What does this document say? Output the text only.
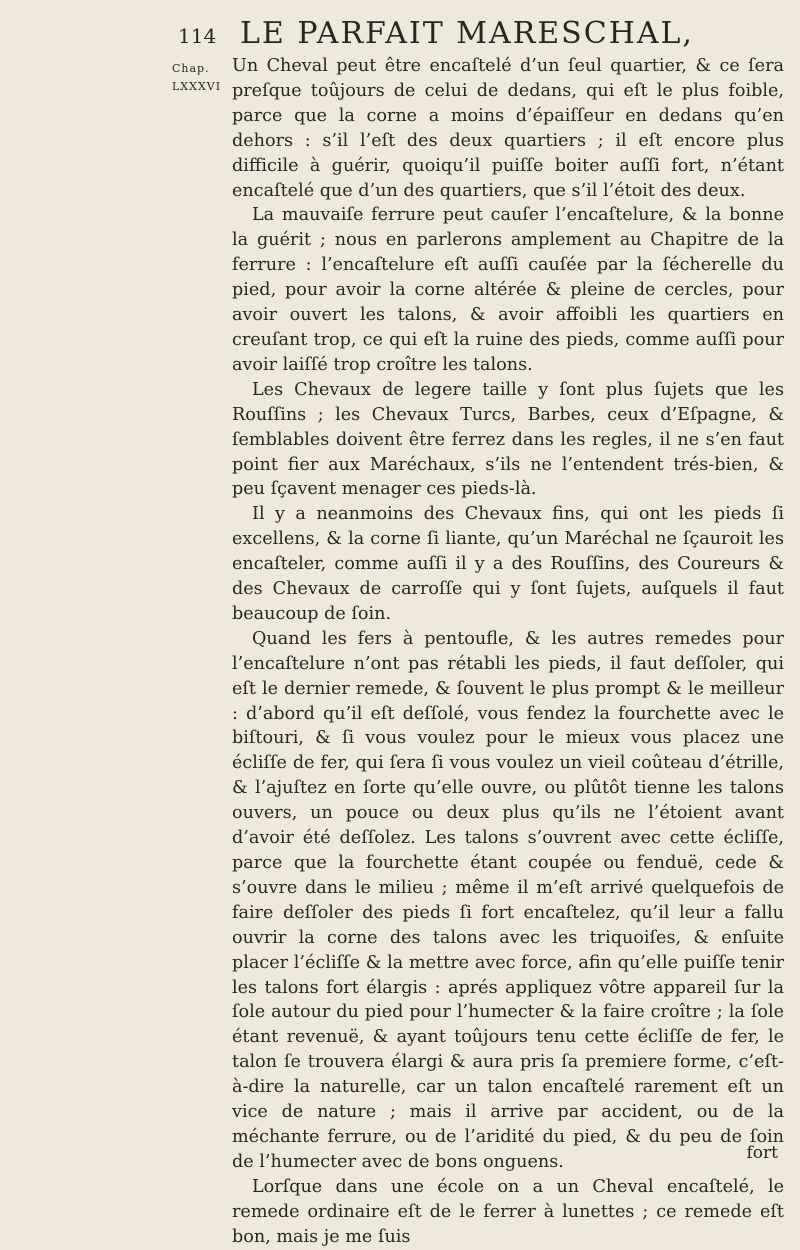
114 LE PARFAIT MARESCHAL,
Chap.
LXXXVI

Un Cheval peut être encaſtelé d’un ſeul quartier, & ce ſera preſque toûjours de celui de dedans, qui eſt le plus foible, parce que la corne a moins d’épaiſſeur en dedans qu’en dehors : s’il l’eſt des deux quartiers ; il eſt encore plus difficile à guérir, quoiqu’il puiſſe boiter auſſi fort, n’étant encaſtelé que d’un des quartiers, que s’il l’étoit des deux.

La mauvaiſe ferrure peut cauſer l’encaſtelure, & la bonne la guérit ; nous en parlerons amplement au Chapitre de la ferrure : l’encaſtelure eſt auſſi cauſée par la ſécherelle du pied, pour avoir la corne altérée & pleine de cercles, pour avoir ouvert les talons, & avoir affoibli les quartiers en creuſant trop, ce qui eſt la ruine des pieds, comme auſſi pour avoir laiſſé trop croître les talons.

Les Chevaux de legere taille y ſont plus ſujets que les Rouſſins ; les Chevaux Turcs, Barbes, ceux d’Eſpagne, & ſemblables doivent être ferrez dans les regles, il ne s’en faut point fier aux Maréchaux, s’ils ne l’entendent trés-bien, & peu ſçavent menager ces pieds-là.

Il y a neanmoins des Chevaux fins, qui ont les pieds ſi excellens, & la corne ſi liante, qu’un Maréchal ne ſçauroit les encaſteler, comme auſſi il y a des Rouſſins, des Coureurs & des Chevaux de carroſſe qui y ſont ſujets, auſquels il faut beaucoup de ſoin.

Quand les fers à pentoufle, & les autres remedes pour l’encaſtelure n’ont pas rétabli les pieds, il faut deſſoler, qui eſt le dernier remede, & ſouvent le plus prompt & le meilleur : d’abord qu’il eſt deſſolé, vous fendez la fourchette avec le biſtouri, & ſi vous voulez pour le mieux vous placez une écliſſe de fer, qui ſera ſi vous voulez un vieil coûteau d’étrille, & l’ajuſtez en ſorte qu’elle ouvre, ou plûtôt tienne les talons ouvers, un pouce ou deux plus qu’ils ne l’étoient avant d’avoir été deſſolez. Les talons s’ouvrent avec cette écliſſe, parce que la fourchette étant coupée ou fenduë, cede & s’ouvre dans le milieu ; même il m’eſt arrivé quelquefois de faire deſſoler des pieds ſi fort encaſtelez, qu’il leur a fallu ouvrir la corne des talons avec les triquoiſes, & enſuite placer l’écliſſe & la mettre avec force, afin qu’elle puiſſe tenir les talons fort élargis : aprés appliquez vôtre appareil ſur la ſole autour du pied pour l’humecter & la faire croître ; la ſole étant revenuë, & ayant toûjours tenu cette écliſſe de fer, le talon ſe trouvera élargi & aura pris ſa premiere forme, c’eſt-à-dire la naturelle, car un talon encaſtelé rarement eſt un vice de nature ; mais il arrive par accident, ou de la méchante ferrure, ou de l’aridité du pied, & du peu de ſoin de l’humecter avec de bons onguens.

Lorſque dans une école on a un Cheval encaſtelé, le remede ordinaire eſt de le ferrer à lunettes ; ce remede eſt bon, mais je me ſuis

fort
